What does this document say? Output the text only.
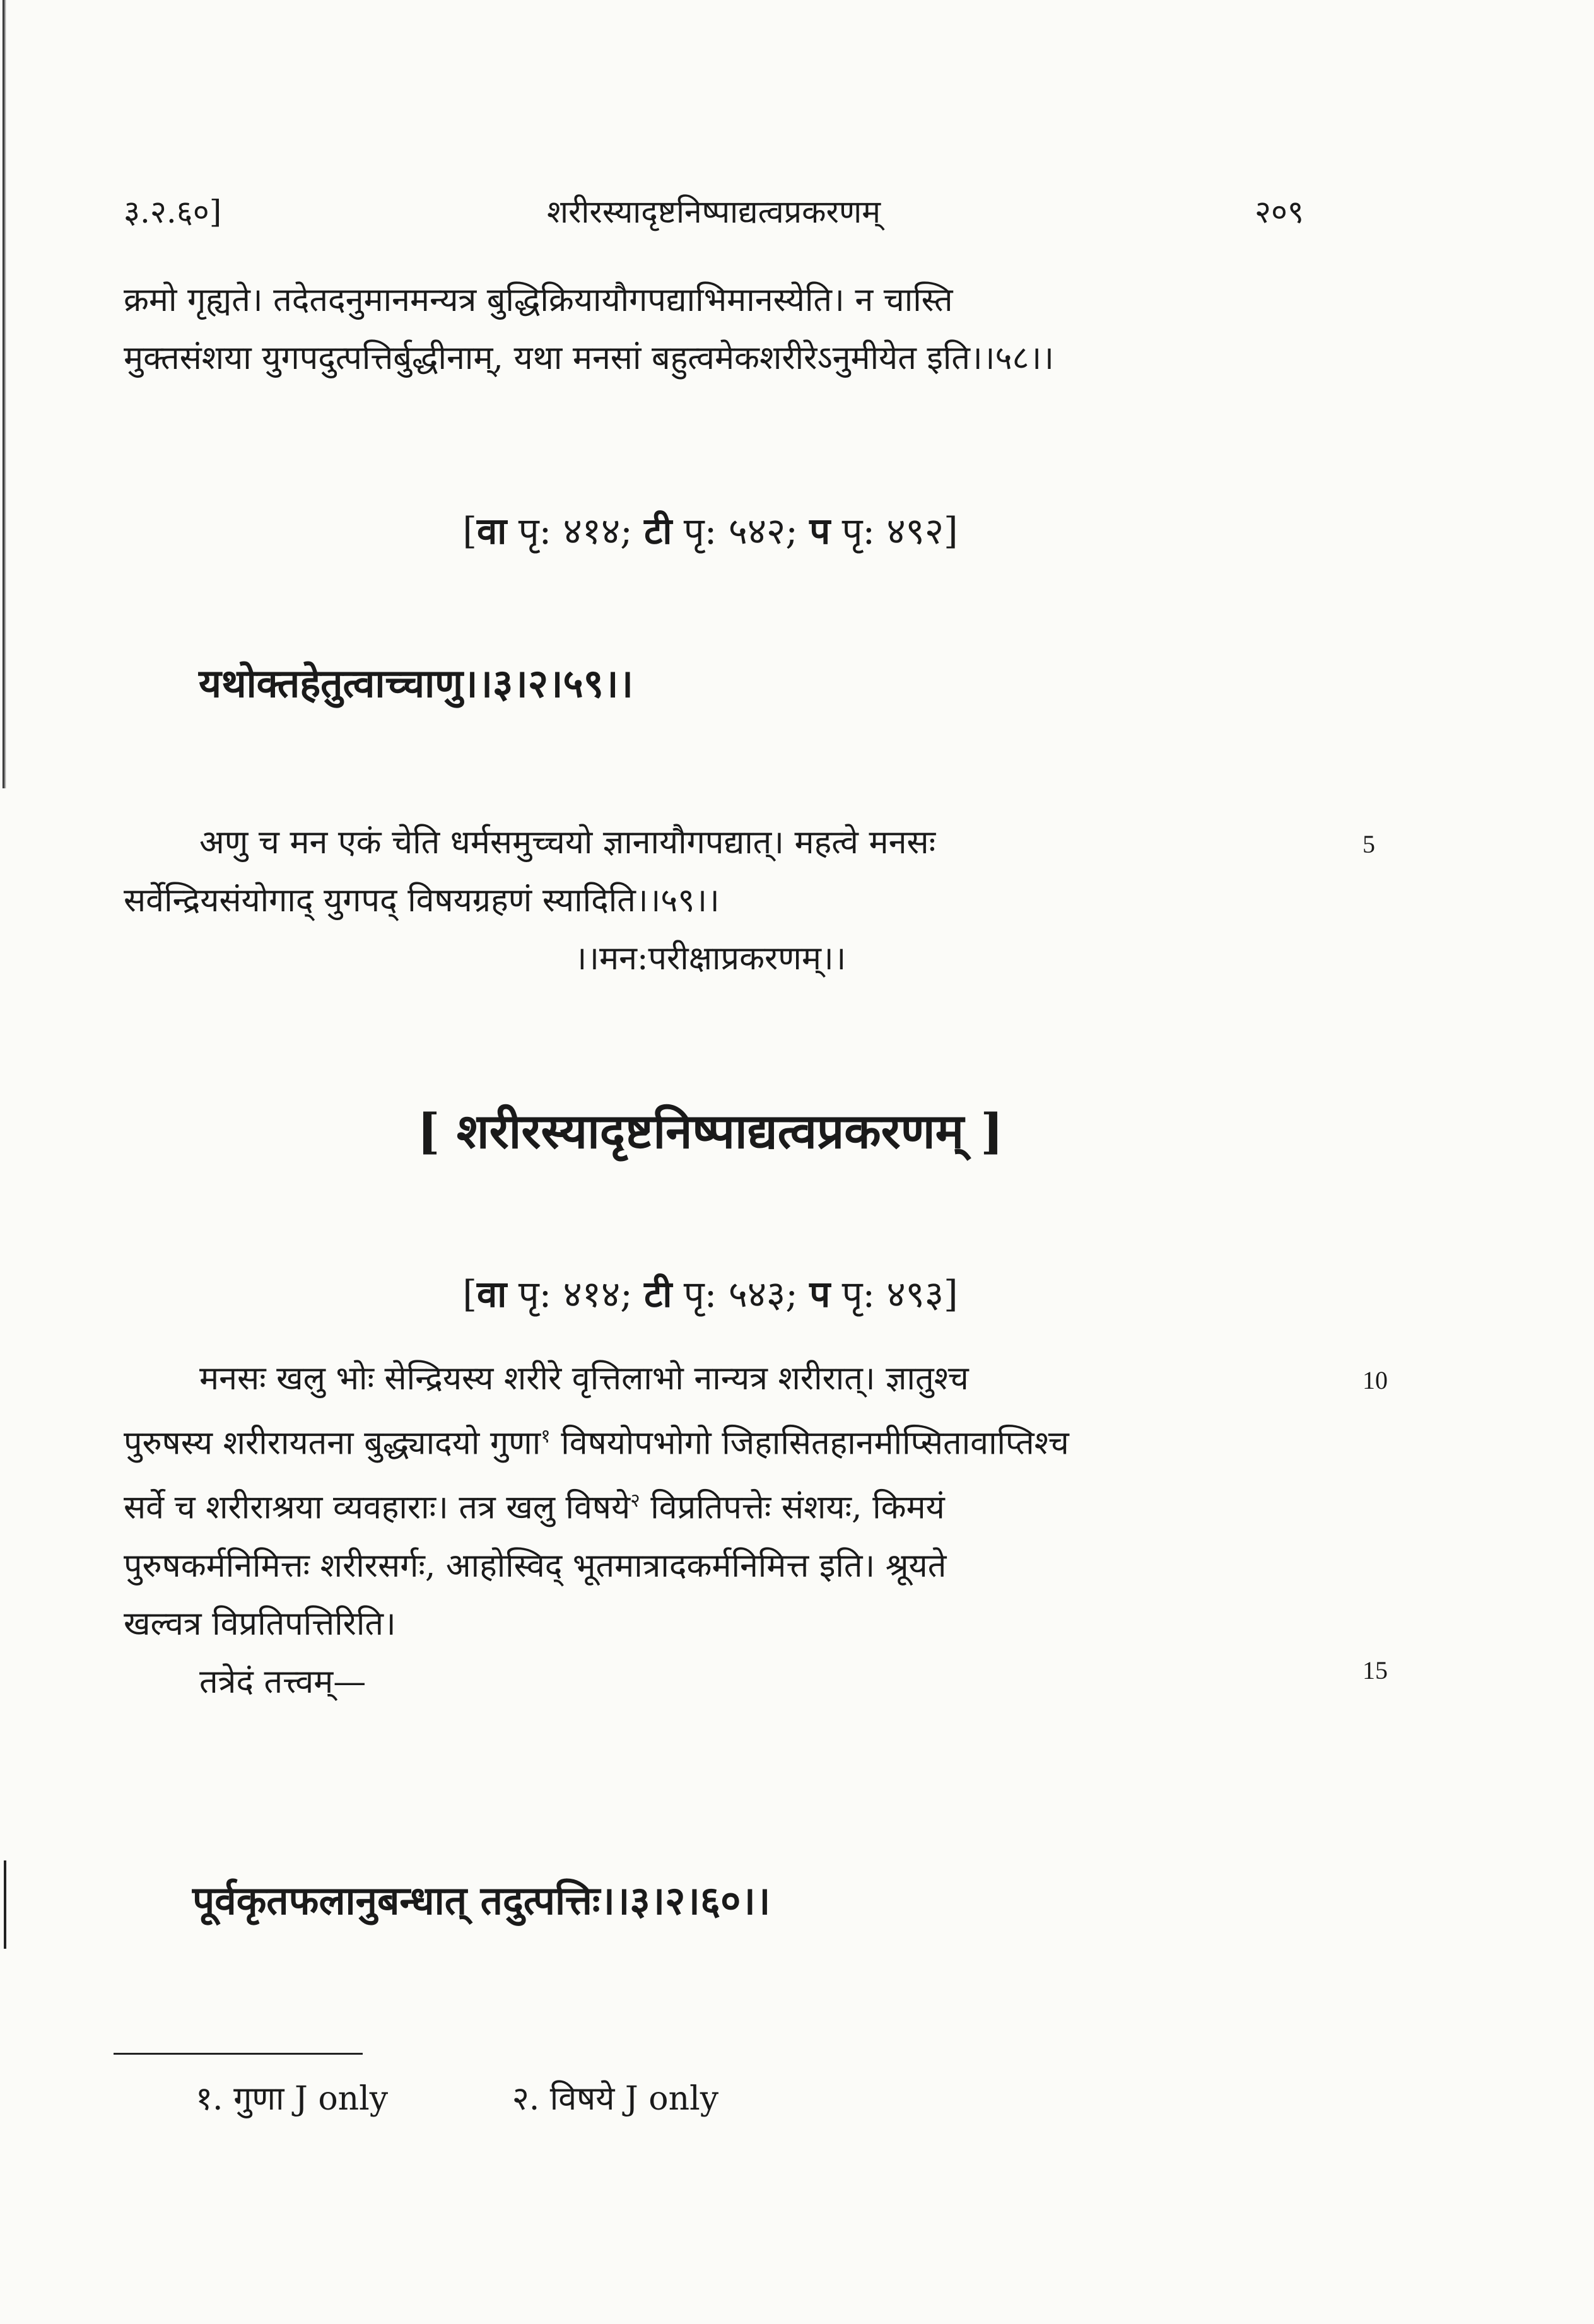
३.२.६०]	शरीरस्यादृष्टनिष्पाद्यत्वप्रकरणम्	२०९
क्रमो गृह्यते। तदेतदनुमानमन्यत्र बुद्धिक्रियायौगपद्याभिमानस्येति। न चास्ति
मुक्तसंशया युगपदुत्पत्तिर्बुद्धीनाम्, यथा मनसां बहुत्वमेकशरीरेऽनुमीयेत इति।।५८।।
[वा पृ: ४१४; टी पृ: ५४२; प पृ: ४९२]
यथोक्तहेतुत्वाच्चाणु।।३।२।५९।।
अणु च मन एकं चेति धर्मसमुच्चयो ज्ञानायौगपद्यात्। महत्वे मनसः
सर्वेन्द्रियसंयोगाद् युगपद् विषयग्रहणं स्यादिति।।५९।।
।।मन:परीक्षाप्रकरणम्।।
5
[ शरीरस्यादृष्टनिष्पाद्यत्वप्रकरणम् ]
[वा पृ: ४१४; टी पृ: ५४३; प पृ: ४९३]
मनसः खलु भोः सेन्द्रियस्य शरीरे वृत्तिलाभो नान्यत्र शरीरात्। ज्ञातुश्च
पुरुषस्य शरीरायतना बुद्ध्यादयो गुणा$^१$ विषयोपभोगो जिहासितहानमीप्सितावाप्तिश्च
सर्वे च शरीराश्रया व्यवहाराः। तत्र खलु विषये$^२$ विप्रतिपत्तेः संशयः, किमयं
पुरुषकर्मनिमित्तः शरीरसर्गः, आहोस्विद् भूतमात्रादकर्मनिमित्त इति। श्रूयते
खल्वत्र विप्रतिपत्तिरिति।
तत्रेदं तत्त्वम्—
10
15
पूर्वकृतफलानुबन्धात् तदुत्पत्तिः।।३।२।६०।।
१. गुणा J only	२. विषये J only
